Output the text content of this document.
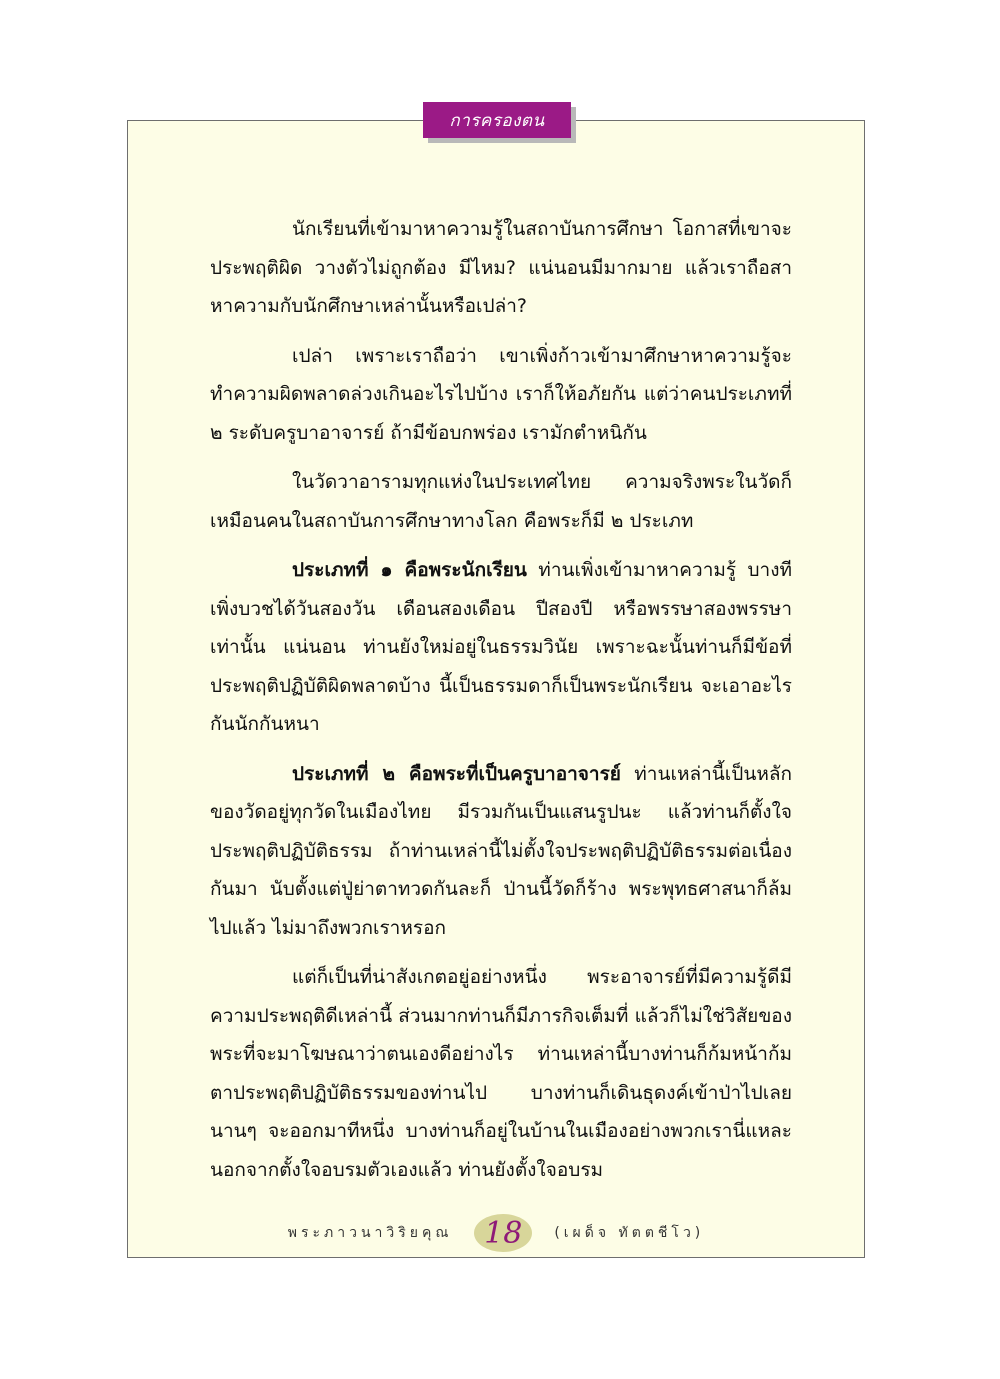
การครองตน

นักเรียนที่เข้ามาหาความรู้ในสถาบันการศึกษา โอกาสที่เขาจะประพฤติผิด วางตัวไม่ถูกต้อง มีไหม? แน่นอนมีมากมาย แล้วเราถือสาหาความกับนักศึกษาเหล่านั้นหรือเปล่า?

เปล่า เพราะเราถือว่า เขาเพิ่งก้าวเข้ามาศึกษาหาความรู้จะทำความผิดพลาดล่วงเกินอะไรไปบ้าง เราก็ให้อภัยกัน แต่ว่าคนประเภทที่ ๒ ระดับครูบาอาจารย์ ถ้ามีข้อบกพร่อง เรามักตำหนิกัน

ในวัดวาอารามทุกแห่งในประเทศไทย ความจริงพระในวัดก็เหมือนคนในสถาบันการศึกษาทางโลก คือพระก็มี ๒ ประเภท

ประเภทที่ ๑ คือพระนักเรียน ท่านเพิ่งเข้ามาหาความรู้ บางทีเพิ่งบวชได้วันสองวัน เดือนสองเดือน ปีสองปี หรือพรรษาสองพรรษาเท่านั้น แน่นอน ท่านยังใหม่อยู่ในธรรมวินัย เพราะฉะนั้นท่านก็มีข้อที่ประพฤติปฏิบัติผิดพลาดบ้าง นี้เป็นธรรมดาก็เป็นพระนักเรียน จะเอาอะไรกันนักกันหนา

ประเภทที่ ๒ คือพระที่เป็นครูบาอาจารย์ ท่านเหล่านี้เป็นหลักของวัดอยู่ทุกวัดในเมืองไทย มีรวมกันเป็นแสนรูปนะ แล้วท่านก็ตั้งใจประพฤติปฏิบัติธรรม ถ้าท่านเหล่านี้ไม่ตั้งใจประพฤติปฏิบัติธรรมต่อเนื่องกันมา นับตั้งแต่ปู่ย่าตาทวดกันละก็ ป่านนี้วัดก็ร้าง พระพุทธศาสนาก็ล้มไปแล้ว ไม่มาถึงพวกเราหรอก

แต่ก็เป็นที่น่าสังเกตอยู่อย่างหนึ่ง พระอาจารย์ที่มีความรู้ดีมีความประพฤติดีเหล่านี้ ส่วนมากท่านก็มีภารกิจเต็มที่ แล้วก็ไม่ใช่วิสัยของพระที่จะมาโฆษณาว่าตนเองดีอย่างไร ท่านเหล่านี้บางท่านก็ก้มหน้าก้มตาประพฤติปฏิบัติธรรมของท่านไป บางท่านก็เดินธุดงค์เข้าป่าไปเลย นานๆ จะออกมาทีหนึ่ง บางท่านก็อยู่ในบ้านในเมืองอย่างพวกเรานี่แหละ นอกจากตั้งใจอบรมตัวเองแล้ว ท่านยังตั้งใจอบรม

พระภาวนาวิริยคุณ	18	(เผด็จ ทัตตชีโว)
